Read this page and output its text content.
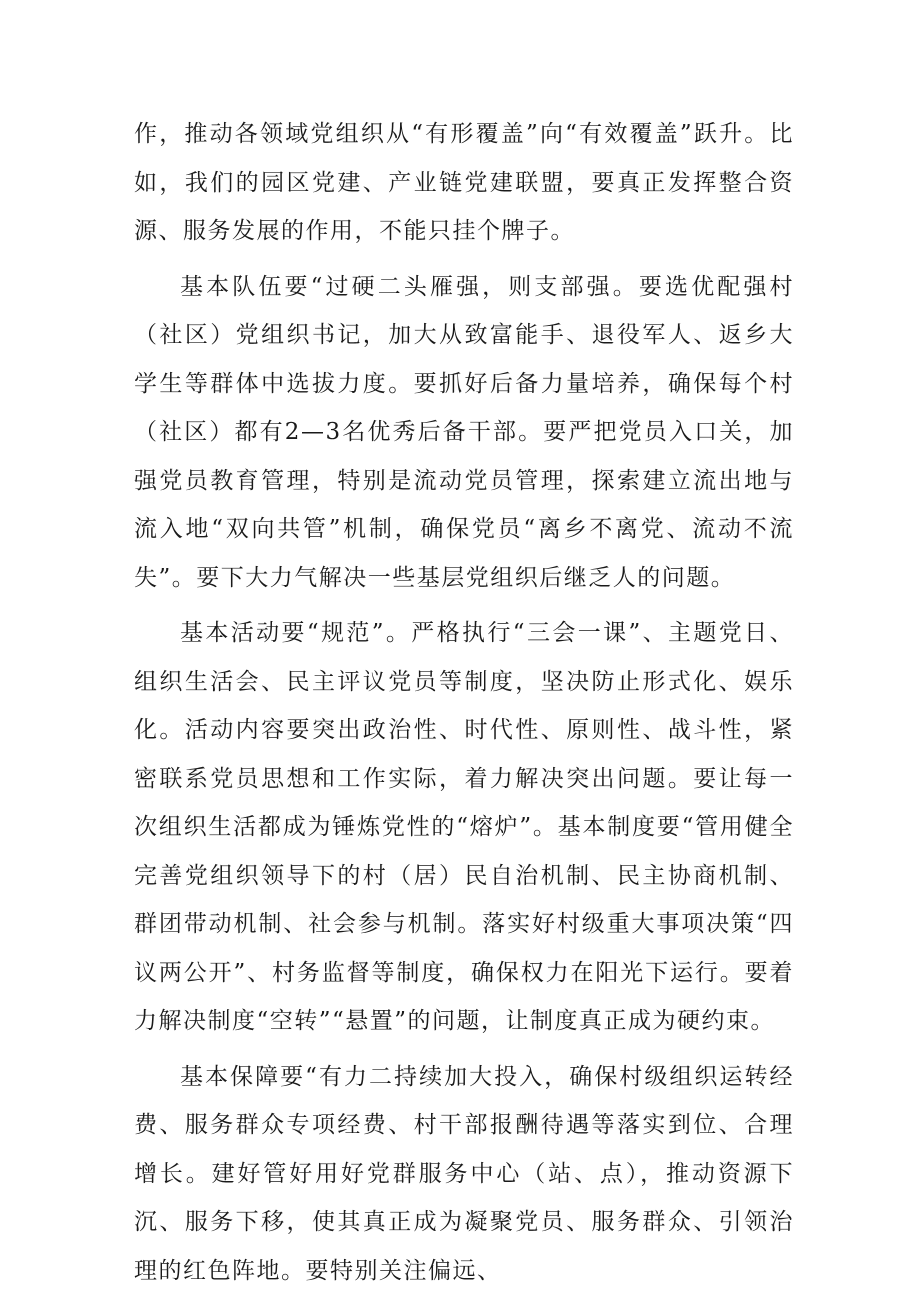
作，推动各领域党组织从“有形覆盖”向“有效覆盖”跃升。比如，我们的园区党建、产业链党建联盟，要真正发挥整合资源、服务发展的作用，不能只挂个牌子。

基本队伍要“过硬二头雁强，则支部强。要选优配强村（社区）党组织书记，加大从致富能手、退役军人、返乡大学生等群体中选拔力度。要抓好后备力量培养，确保每个村（社区）都有2—3名优秀后备干部。要严把党员入口关，加强党员教育管理，特别是流动党员管理，探索建立流出地与流入地“双向共管”机制，确保党员“离乡不离党、流动不流失”。要下大力气解决一些基层党组织后继乏人的问题。

基本活动要“规范”。严格执行“三会一课”、主题党日、组织生活会、民主评议党员等制度，坚决防止形式化、娱乐化。活动内容要突出政治性、时代性、原则性、战斗性，紧密联系党员思想和工作实际，着力解决突出问题。要让每一次组织生活都成为锤炼党性的“熔炉”。基本制度要“管用健全完善党组织领导下的村（居）民自治机制、民主协商机制、群团带动机制、社会参与机制。落实好村级重大事项决策“四议两公开”、村务监督等制度，确保权力在阳光下运行。要着力解决制度“空转”“悬置”的问题，让制度真正成为硬约束。

基本保障要“有力二持续加大投入，确保村级组织运转经费、服务群众专项经费、村干部报酬待遇等落实到位、合理增长。建好管好用好党群服务中心（站、点），推动资源下沉、服务下移，使其真正成为凝聚党员、服务群众、引领治理的红色阵地。要特别关注偏远、
